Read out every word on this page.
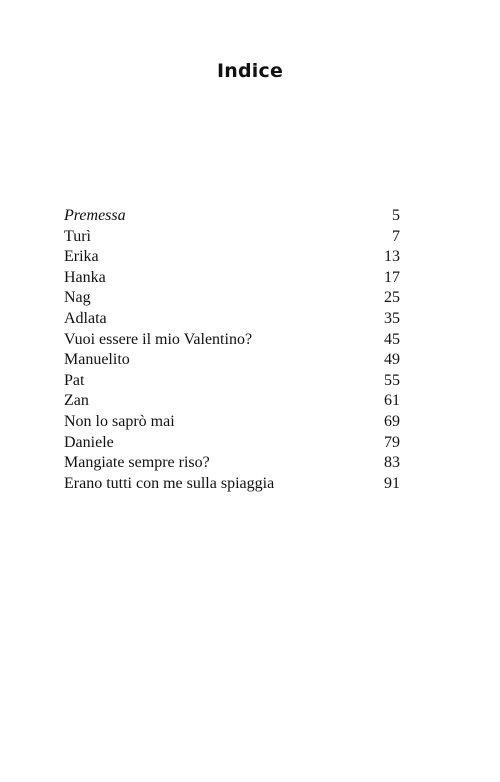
Indice
Premessa	5
Turì	7
Erika	13
Hanka	17
Nag	25
Adlata	35
Vuoi essere il mio Valentino?	45
Manuelito	49
Pat	55
Zan	61
Non lo saprò mai	69
Daniele	79
Mangiate sempre riso?	83
Erano tutti con me sulla spiaggia	91
